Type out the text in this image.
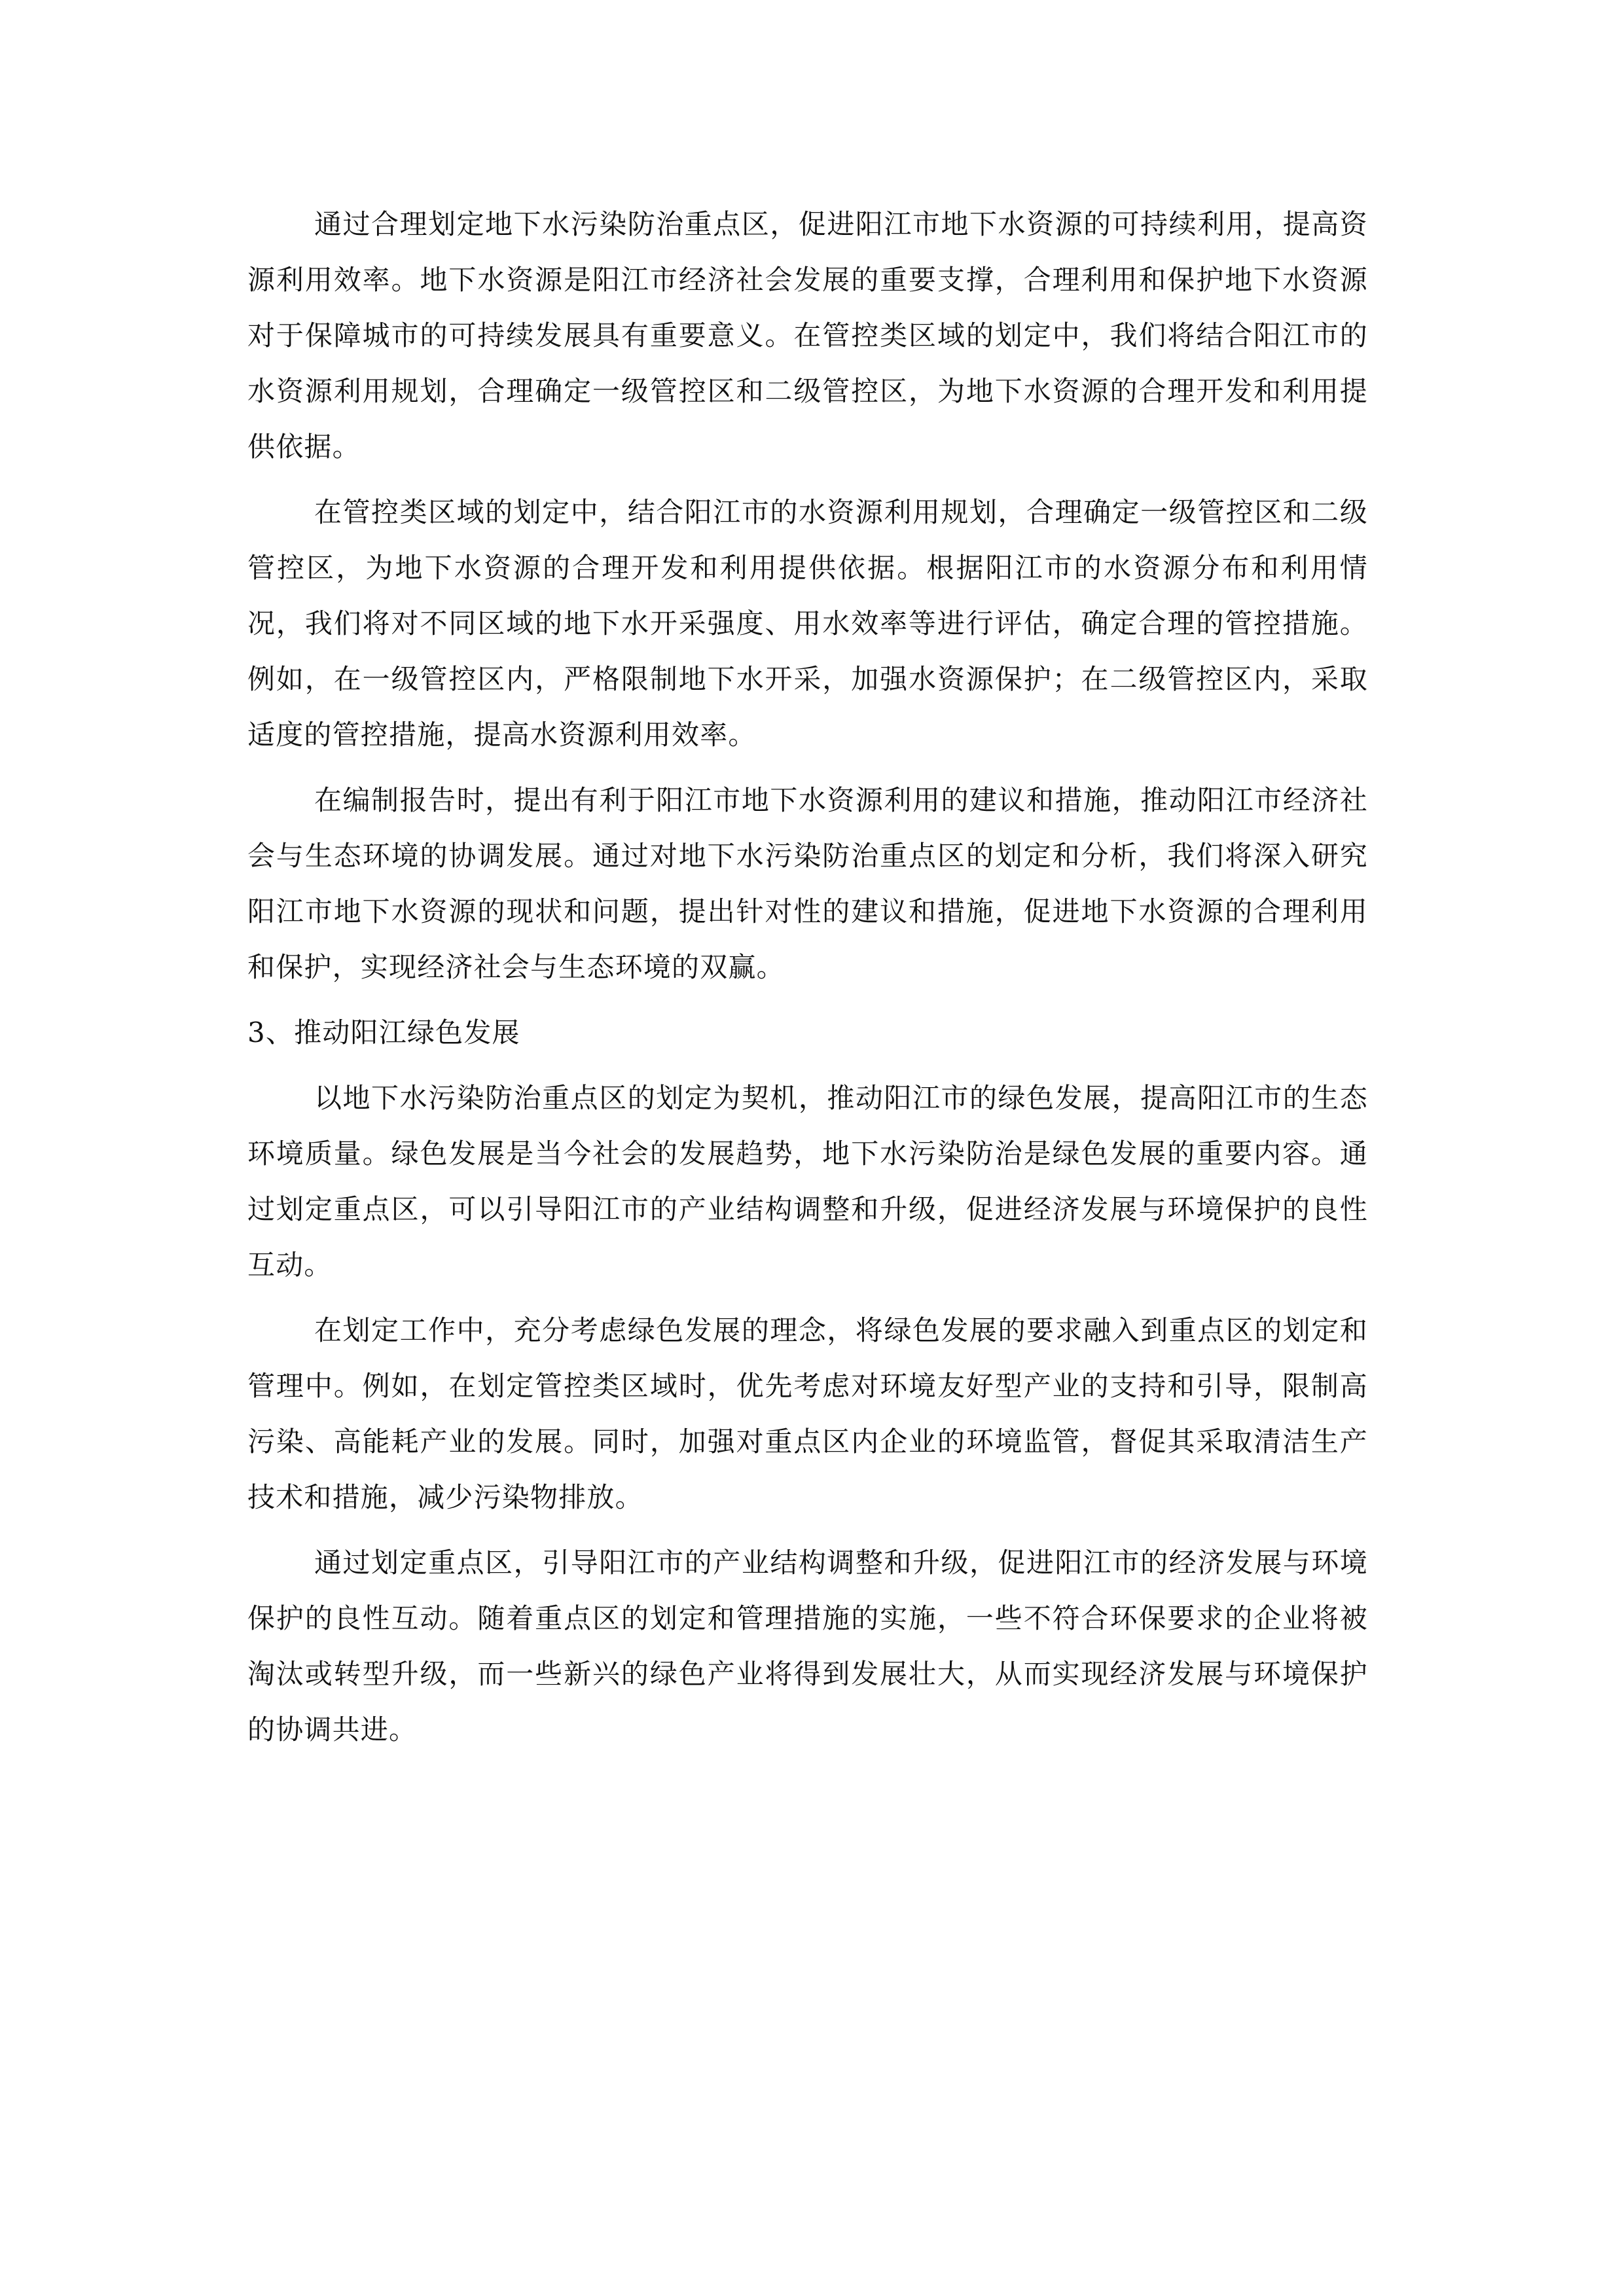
通过合理划定地下水污染防治重点区，促进阳江市地下水资源的可持续利用，提高资源利用效率。地下水资源是阳江市经济社会发展的重要支撑，合理利用和保护地下水资源对于保障城市的可持续发展具有重要意义。在管控类区域的划定中，我们将结合阳江市的水资源利用规划，合理确定一级管控区和二级管控区，为地下水资源的合理开发和利用提供依据。

在管控类区域的划定中，结合阳江市的水资源利用规划，合理确定一级管控区和二级管控区，为地下水资源的合理开发和利用提供依据。根据阳江市的水资源分布和利用情况，我们将对不同区域的地下水开采强度、用水效率等进行评估，确定合理的管控措施。例如，在一级管控区内，严格限制地下水开采，加强水资源保护；在二级管控区内，采取适度的管控措施，提高水资源利用效率。

在编制报告时，提出有利于阳江市地下水资源利用的建议和措施，推动阳江市经济社会与生态环境的协调发展。通过对地下水污染防治重点区的划定和分析，我们将深入研究阳江市地下水资源的现状和问题，提出针对性的建议和措施，促进地下水资源的合理利用和保护，实现经济社会与生态环境的双赢。

3、推动阳江绿色发展

以地下水污染防治重点区的划定为契机，推动阳江市的绿色发展，提高阳江市的生态环境质量。绿色发展是当今社会的发展趋势，地下水污染防治是绿色发展的重要内容。通过划定重点区，可以引导阳江市的产业结构调整和升级，促进经济发展与环境保护的良性互动。

在划定工作中，充分考虑绿色发展的理念，将绿色发展的要求融入到重点区的划定和管理中。例如，在划定管控类区域时，优先考虑对环境友好型产业的支持和引导，限制高污染、高能耗产业的发展。同时，加强对重点区内企业的环境监管，督促其采取清洁生产技术和措施，减少污染物排放。

通过划定重点区，引导阳江市的产业结构调整和升级，促进阳江市的经济发展与环境保护的良性互动。随着重点区的划定和管理措施的实施，一些不符合环保要求的企业将被淘汰或转型升级，而一些新兴的绿色产业将得到发展壮大，从而实现经济发展与环境保护的协调共进。
